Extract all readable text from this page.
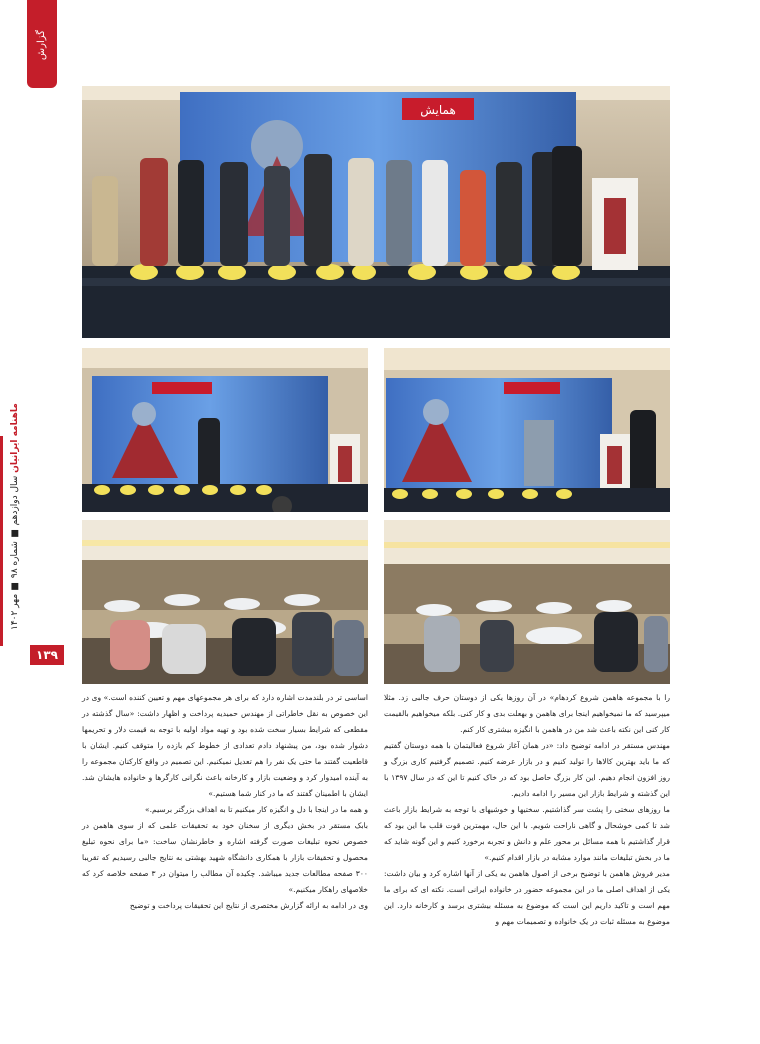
گزارش
ماهنامه ایرانیان سال دوازدهم ■ شماره ۹۸ ■ مهر ۱۴۰۲
۱۳۹
همایش

را با مجموعه هاهمن شروع کردهام» در آن روزها یکی از دوستان حرف جالبی زد. مثلا میپرسید که ما نمیخواهیم اینجا برای هاهمن و بهعلت بدی و کار کنی. بلکه میخواهیم بالقیمت کار کنی این نکته باعث شد من در هاهمن با انگیزه بیشتری کار کنم.

مهندس مستقر در ادامه توضیح داد: «در همان آغاز شروع فعالیتمان با همه دوستان گفتیم که ما باید بهترین کالاها را تولید کنیم و در بازار عرضه کنیم. تصمیم گرفتیم کاری بزرگ و روز افزون انجام دهیم. این کار بزرگ حاصل بود که در خاک کنیم تا این که در سال ۱۳۹۷ با این گذشته و شرایط بازار این مسیر را ادامه دادیم.

ما روزهای سختی را پشت سر گذاشتیم. سختیها و خوشیهای با توجه به شرایط بازار باعث شد تا کمی خوشحال و گاهی ناراحت شویم. با این حال، مهمترین قوت قلب ما این بود که قرار گذاشتیم با همه مسائل بر محور علم و دانش و تجربه برخورد کنیم و این گونه شاید که ما در بخش تبلیغات مانند موارد مشابه در بازار اقدام کنیم.»

مدیر فروش هاهمن با توضیح برخی از اصول هاهمن به یکی از آنها اشاره کرد و بیان داشت: یکی از اهداف اصلی ما در این مجموعه حضور در خانواده ایرانی است. نکته ای که برای ما مهم است و تاکید داریم این است که موضوع به مسئله بیشتری برسد و کارخانه دارد. این موضوع به مسئله ثبات در یک خانواده و تصمیمات مهم و

اساسی تر در بلندمدت اشاره دارد که برای هر مجموعهای مهم و تعیین کننده است.» وی در این خصوص به نقل خاطراتی از مهندس حمیدیه پرداخت و اظهار داشت: «سال گذشته در مقطعی که شرایط بسیار سخت شده بود و تهیه مواد اولیه با توجه به قیمت دلار و تحریمها دشوار شده بود، من پیشنهاد دادم تعدادی از خطوط کم بازده را متوقف کنیم. ایشان با قاطعیت گفتند ما حتی یک نفر را هم تعدیل نمیکنیم. این تصمیم در واقع کارکنان مجموعه را به آینده امیدوار کرد و وضعیت بازار و کارخانه باعث نگرانی کارگرها و خانواده هایشان شد. ایشان با اطمینان گفتند که ما در کنار شما هستیم.»

و همه ما در اینجا با دل و انگیزه کار میکنیم تا به اهداف بزرگتر برسیم.»

بابک مستقر در بخش دیگری از سخنان خود به تحقیقات علمی که از سوی هاهمن در خصوص نحوه تبلیغات صورت گرفته اشاره و خاطرنشان ساخت: «ما برای نحوه تبلیغ محصول و تحقیقات بازار با همکاری دانشگاه شهید بهشتی به نتایج جالبی رسیدیم که تقریبا ۳۰۰ صفحه مطالعات جدید میباشد. چکیده آن مطالب را میتوان در ۳ صفحه خلاصه کرد که خلاصهای راهکار میکنیم.»

وی در ادامه به ارائه گزارش مختصری از نتایج این تحقیقات پرداخت و توضیح
